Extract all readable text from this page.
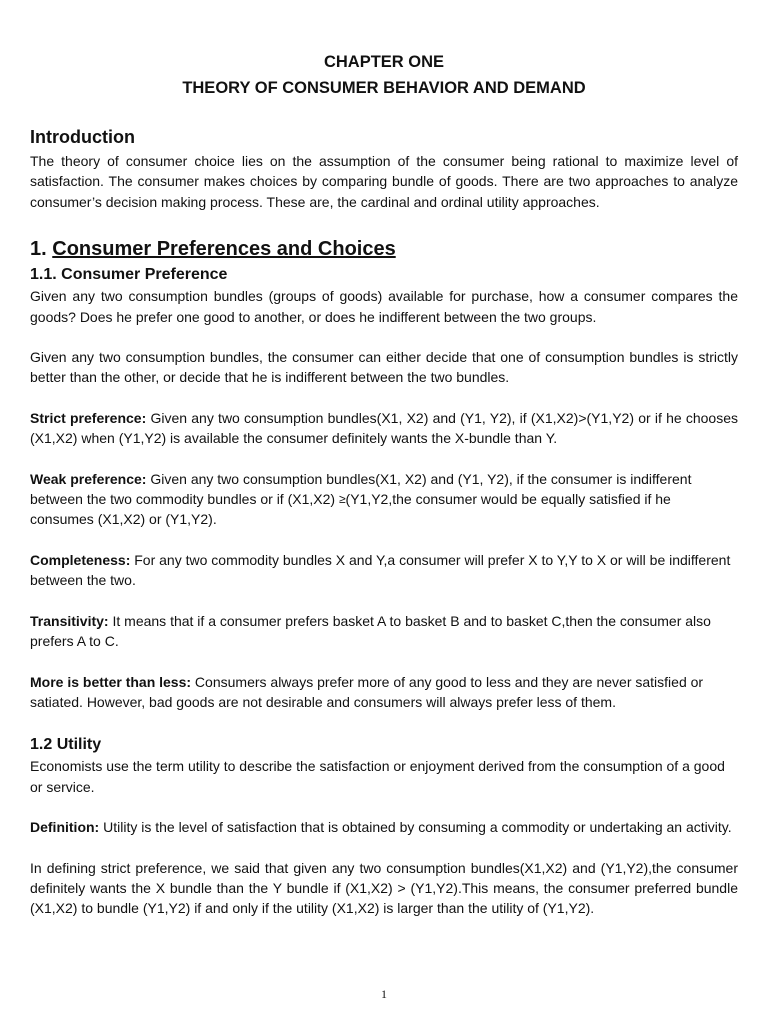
CHAPTER ONE
THEORY OF CONSUMER BEHAVIOR AND DEMAND
Introduction

The theory of consumer choice lies on the assumption of the consumer being rational to maximize level of satisfaction. The consumer makes choices by comparing bundle of goods. There are two approaches to analyze consumer’s decision making process. These are, the cardinal and ordinal utility approaches.

1. Consumer Preferences and Choices
1.1. Consumer Preference

Given any two consumption bundles (groups of goods) available for purchase, how a consumer compares the goods? Does he prefer one good to another, or does he indifferent between the two groups.

Given any two consumption bundles, the consumer can either decide that one of consumption bundles is strictly better than the other, or decide that he is indifferent between the two bundles.

Strict preference: Given any two consumption bundles(X1, X2) and (Y1, Y2), if (X1,X2)>(Y1,Y2) or if he chooses (X1,X2) when (Y1,Y2) is available the consumer definitely wants the X-bundle than Y.

Weak preference: Given any two consumption bundles(X1, X2) and (Y1, Y2), if the consumer is indifferent between the two commodity bundles or if (X1,X2) ≥(Y1,Y2,the consumer would be equally satisfied if he consumes (X1,X2) or (Y1,Y2).

Completeness: For any two commodity bundles X and Y,a consumer will prefer X to Y,Y to X or will be indifferent between the two.

Transitivity: It means that if a consumer prefers basket A to basket B and to basket C,then the consumer also prefers A to C.

More is better than less: Consumers always prefer more of any good to less and they are never satisfied or satiated. However, bad goods are not desirable and consumers will always prefer less of them.

1.2 Utility

Economists use the term utility to describe the satisfaction or enjoyment derived from the consumption of a good or service.

Definition: Utility is the level of satisfaction that is obtained by consuming a commodity or undertaking an activity.

In defining strict preference, we said that given any two consumption bundles(X1,X2) and (Y1,Y2),the consumer definitely wants the X bundle than the Y bundle if (X1,X2) > (Y1,Y2).This means, the consumer preferred bundle (X1,X2) to bundle (Y1,Y2) if and only if the utility (X1,X2) is larger than the utility of (Y1,Y2).

1
